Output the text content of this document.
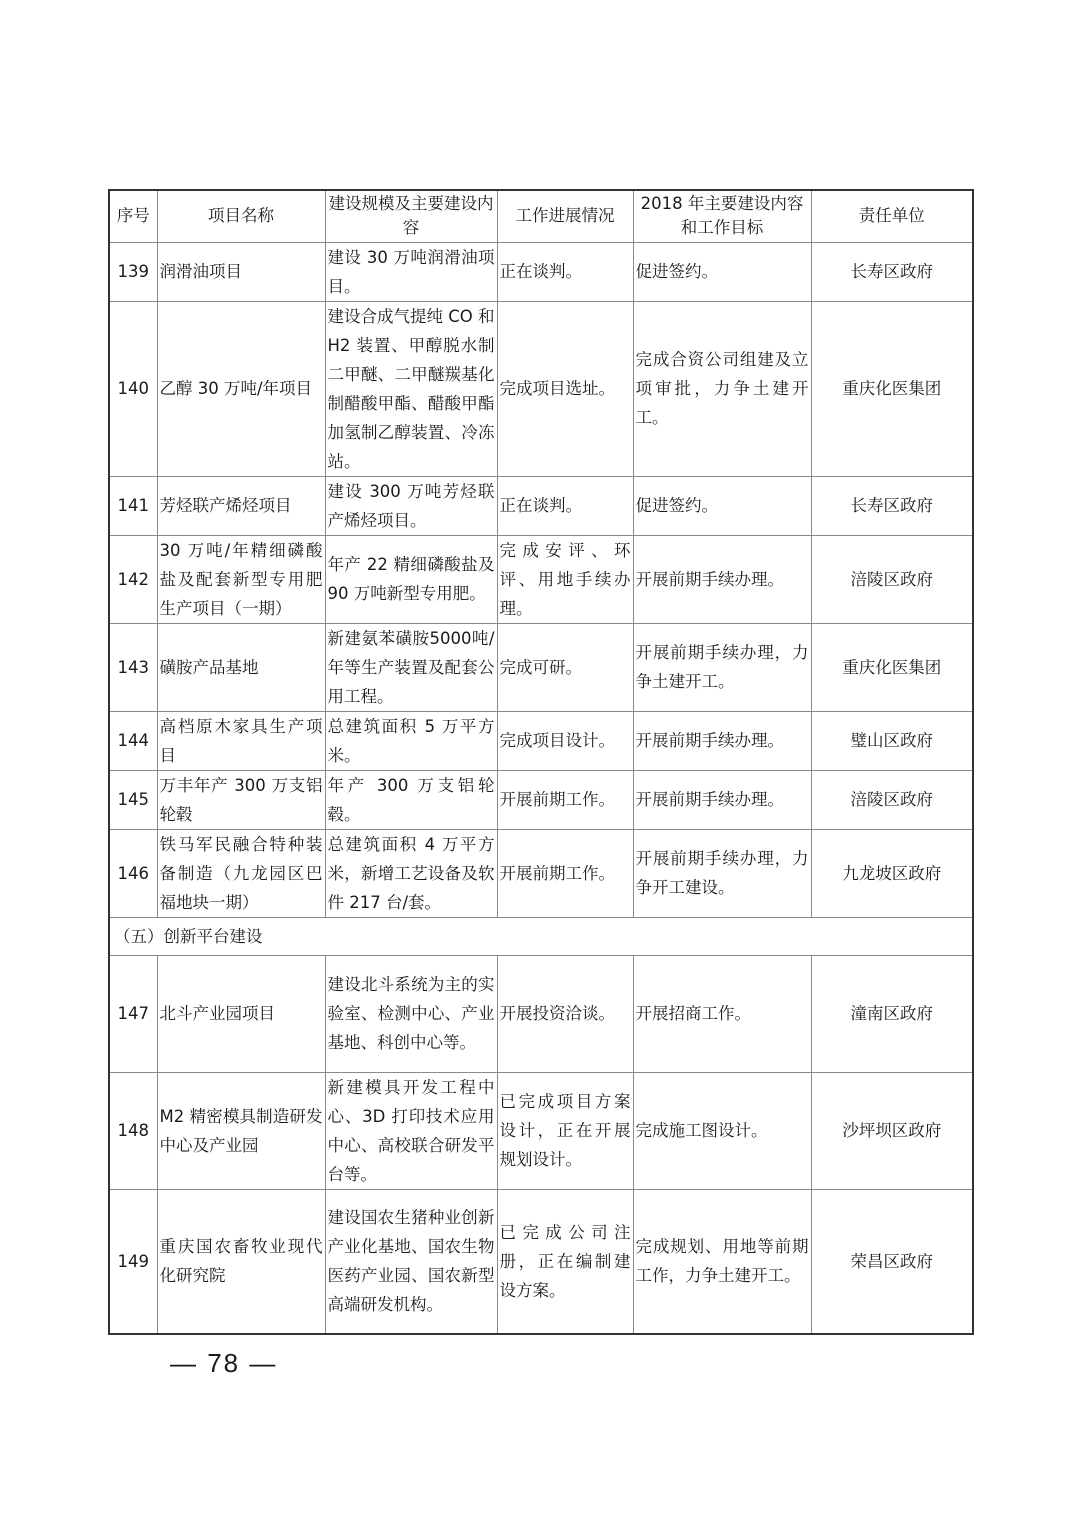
序号	项目名称	建设规模及主要建设内容	工作进展情况	2018 年主要建设内容和工作目标	责任单位
139	润滑油项目	建设 30 万吨润滑油项目。	正在谈判。	促进签约。	长寿区政府
140	乙醇 30 万吨/年项目	建设合成气提纯 CO 和 H2 装置、甲醇脱水制二甲醚、二甲醚羰基化制醋酸甲酯、醋酸甲酯加氢制乙醇装置、冷冻站。	完成项目选址。	完成合资公司组建及立项审批，力争土建开工。	重庆化医集团
141	芳烃联产烯烃项目	建设 300 万吨芳烃联产烯烃项目。	正在谈判。	促进签约。	长寿区政府
142	30 万吨/年精细磷酸盐及配套新型专用肥生产项目（一期）	年产 22 精细磷酸盐及 90 万吨新型专用肥。	完成安评、环评、用地手续办理。	开展前期手续办理。	涪陵区政府
143	磺胺产品基地	新建氨苯磺胺5000吨/年等生产装置及配套公用工程。	完成可研。	开展前期手续办理，力争土建开工。	重庆化医集团
144	高档原木家具生产项目	总建筑面积 5 万平方米。	完成项目设计。	开展前期手续办理。	璧山区政府
145	万丰年产 300 万支铝轮毂	年产 300 万支铝轮毂。	开展前期工作。	开展前期手续办理。	涪陵区政府
146	铁马军民融合特种装备制造（九龙园区巴福地块一期）	总建筑面积 4 万平方米，新增工艺设备及软件 217 台/套。	开展前期工作。	开展前期手续办理，力争开工建设。	九龙坡区政府
（五）创新平台建设					
147	北斗产业园项目	建设北斗系统为主的实验室、检测中心、产业基地、科创中心等。	开展投资洽谈。	开展招商工作。	潼南区政府
148	M2 精密模具制造研发中心及产业园	新建模具开发工程中心、3D 打印技术应用中心、高校联合研发平台等。	已完成项目方案设计，正在开展规划设计。	完成施工图设计。	沙坪坝区政府
149	重庆国农畜牧业现代化研究院	建设国农生猪种业创新产业化基地、国农生物医药产业园、国农新型高端研发机构。	已完成公司注册，正在编制建设方案。	完成规划、用地等前期工作，力争土建开工。	荣昌区政府
— 78 —
